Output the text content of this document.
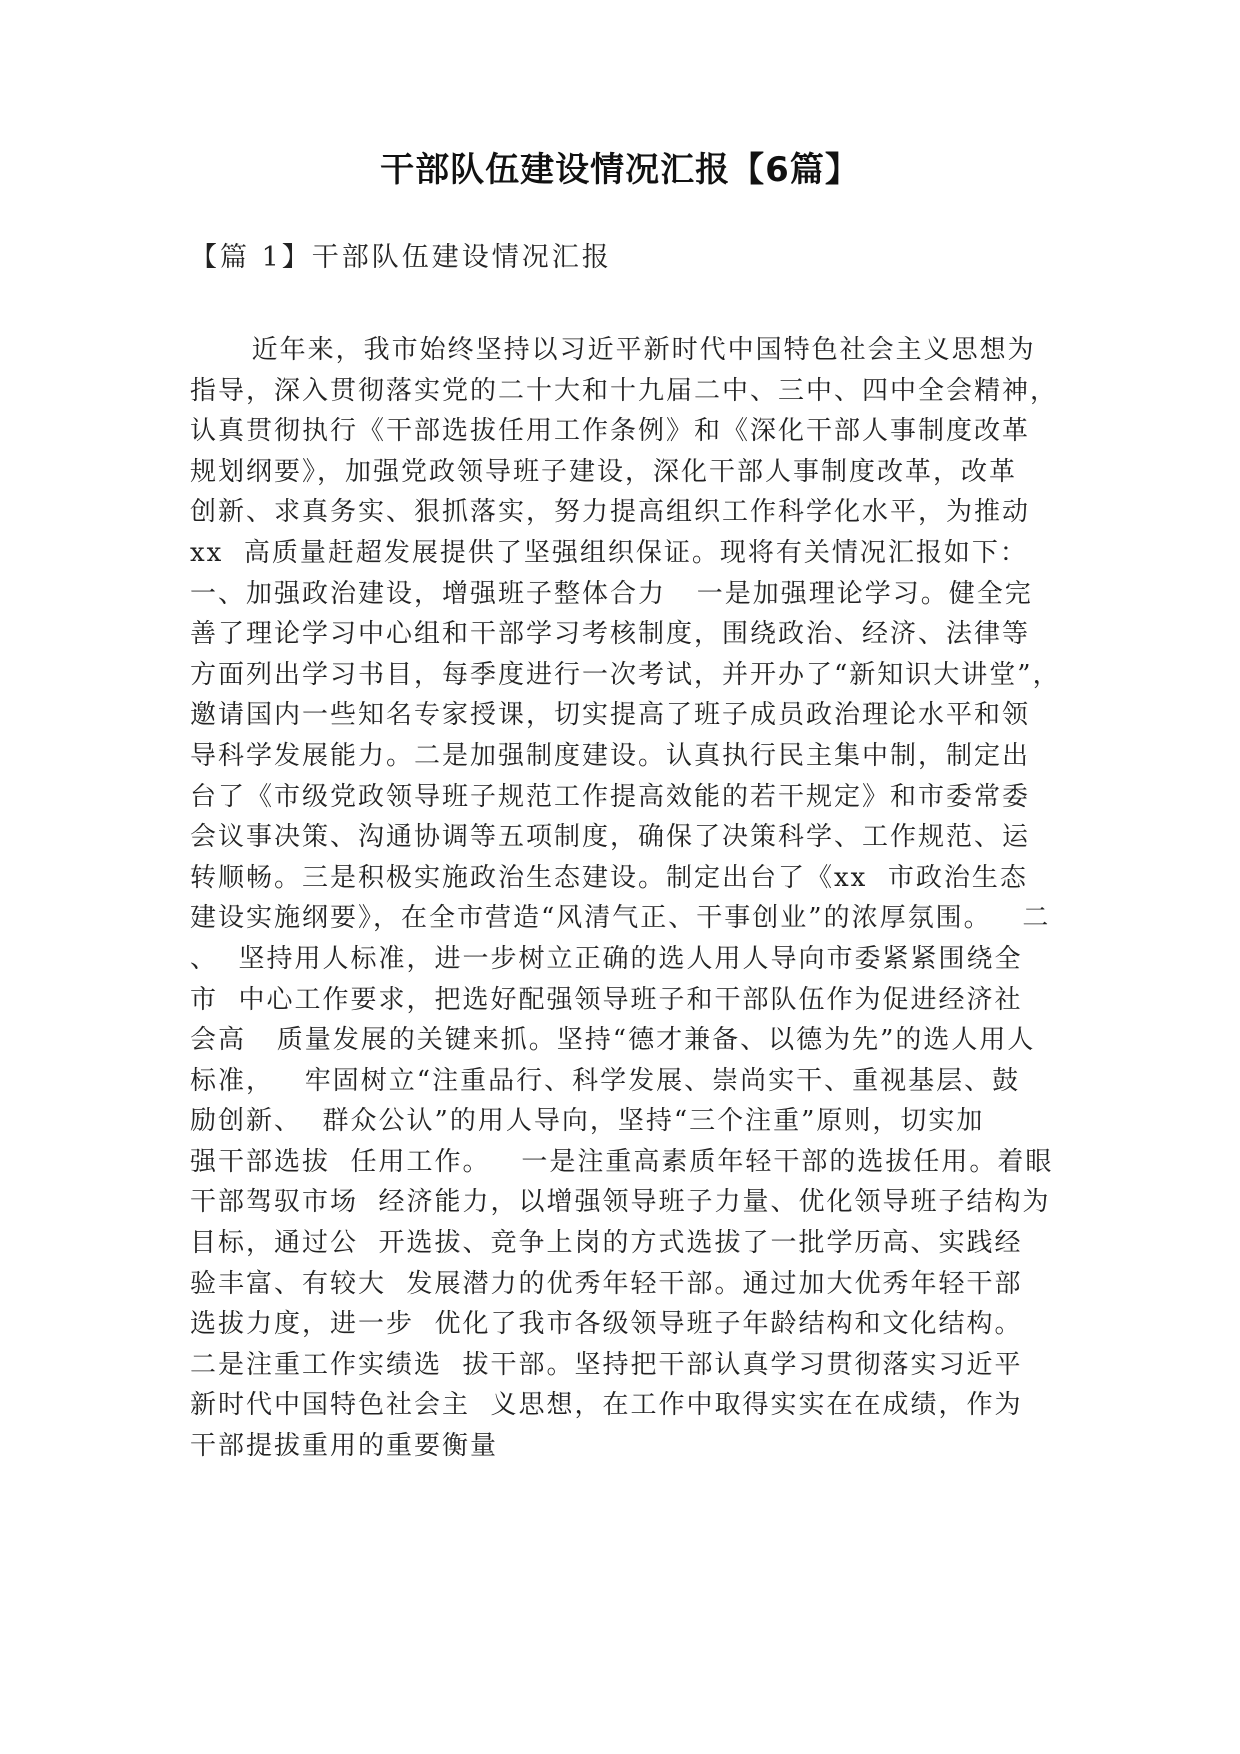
干部队伍建设情况汇报【6篇】
【篇 1】干部队伍建设情况汇报
近年来，我市始终坚持以习近平新时代中国特色社会主义思想为
指导，深入贯彻落实党的二十大和十九届二中、三中、四中全会精神，
认真贯彻执行《干部选拔任用工作条例》和《深化干部人事制度改革
规划纲要》，加强党政领导班子建设，深化干部人事制度改革，改革
创新、求真务实、狠抓落实，努力提高组织工作科学化水平，为推动
xx  高质量赶超发展提供了坚强组织保证。现将有关情况汇报如下：
一、加强政治建设，增强班子整体合力   一是加强理论学习。健全完
善了理论学习中心组和干部学习考核制度，围绕政治、经济、法律等
方面列出学习书目，每季度进行一次考试，并开办了“新知识大讲堂”，
邀请国内一些知名专家授课，切实提高了班子成员政治理论水平和领
导科学发展能力。二是加强制度建设。认真执行民主集中制，制定出
台了《市级党政领导班子规范工作提高效能的若干规定》和市委常委
会议事决策、沟通协调等五项制度，确保了决策科学、工作规范、运
转顺畅。三是积极实施政治生态建设。制定出台了《xx  市政治生态
建设实施纲要》，在全市营造“风清气正、干事创业”的浓厚氛围。   二
、  坚持用人标准，进一步树立正确的选人用人导向市委紧紧围绕全
市  中心工作要求，把选好配强领导班子和干部队伍作为促进经济社
会高   质量发展的关键来抓。坚持“德才兼备、以德为先”的选人用人
标准，   牢固树立“注重品行、科学发展、崇尚实干、重视基层、鼓
励创新、  群众公认”的用人导向，坚持“三个注重”原则，切实加
强干部选拔  任用工作。   一是注重高素质年轻干部的选拔任用。着眼
干部驾驭市场  经济能力，以增强领导班子力量、优化领导班子结构为
目标，通过公  开选拔、竞争上岗的方式选拔了一批学历高、实践经
验丰富、有较大  发展潜力的优秀年轻干部。通过加大优秀年轻干部
选拔力度，进一步  优化了我市各级领导班子年龄结构和文化结构。
二是注重工作实绩选  拔干部。坚持把干部认真学习贯彻落实习近平
新时代中国特色社会主  义思想，在工作中取得实实在在成绩，作为
干部提拔重用的重要衡量
